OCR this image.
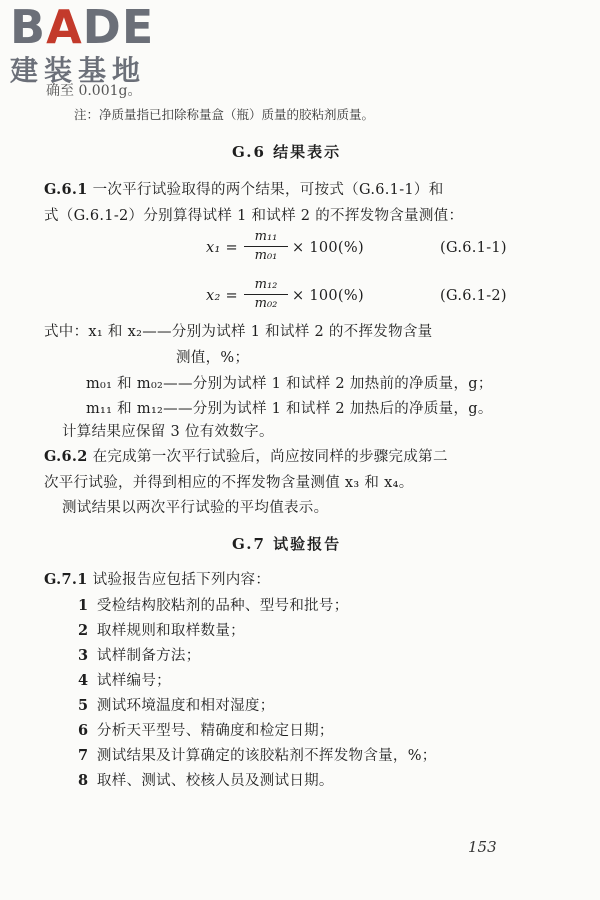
BADE
建装基地
确至 0.001g。
注：净质量指已扣除称量盒（瓶）质量的胶粘剂质量。
G.6 结果表示
G.6.1 一次平行试验取得的两个结果，可按式（G.6.1-1）和
式（G.6.1-2）分别算得试样 1 和试样 2 的不挥发物含量测值：
x₁ =
m₁₁
m₀₁	× 100(%)	(G.6.1-1)
x₂ =
m₁₂
m₀₂	× 100(%)	(G.6.1-2)
式中：x₁ 和 x₂——分别为试样 1 和试样 2 的不挥发物含量
测值，%；
m₀₁ 和 m₀₂——分别为试样 1 和试样 2 加热前的净质量，g；
m₁₁ 和 m₁₂——分别为试样 1 和试样 2 加热后的净质量，g。
计算结果应保留 3 位有效数字。
G.6.2 在完成第一次平行试验后，尚应按同样的步骤完成第二
次平行试验，并得到相应的不挥发物含量测值 x₃ 和 x₄。
测试结果以两次平行试验的平均值表示。
G.7 试验报告
G.7.1 试验报告应包括下列内容：
1 受检结构胶粘剂的品种、型号和批号；
2 取样规则和取样数量；
3 试样制备方法；
4 试样编号；
5 测试环境温度和相对湿度；
6 分析天平型号、精确度和检定日期；
7 测试结果及计算确定的该胶粘剂不挥发物含量，%；
8 取样、测试、校核人员及测试日期。
153
